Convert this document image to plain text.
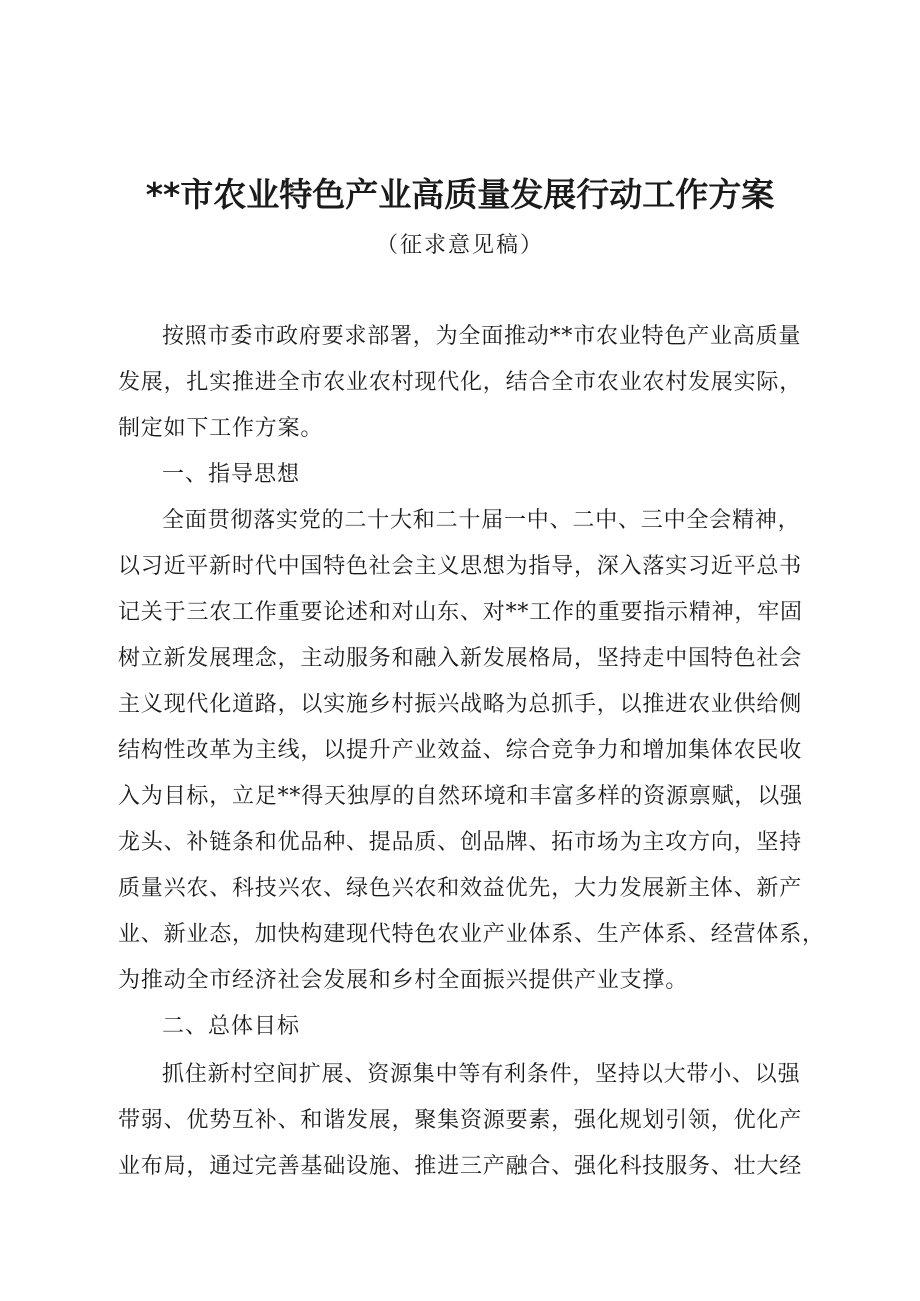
**市农业特色产业高质量发展行动工作方案
（征求意见稿）
按照市委市政府要求部署，为全面推动**市农业特色产业高质量
发展，扎实推进全市农业农村现代化，结合全市农业农村发展实际，
制定如下工作方案。
一、指导思想
全面贯彻落实党的二十大和二十届一中、二中、三中全会精神，
以习近平新时代中国特色社会主义思想为指导，深入落实习近平总书
记关于三农工作重要论述和对山东、对**工作的重要指示精神，牢固
树立新发展理念，主动服务和融入新发展格局，坚持走中国特色社会
主义现代化道路，以实施乡村振兴战略为总抓手，以推进农业供给侧
结构性改革为主线，以提升产业效益、综合竞争力和增加集体农民收
入为目标，立足**得天独厚的自然环境和丰富多样的资源禀赋，以强
龙头、补链条和优品种、提品质、创品牌、拓市场为主攻方向，坚持
质量兴农、科技兴农、绿色兴农和效益优先，大力发展新主体、新产
业、新业态，加快构建现代特色农业产业体系、生产体系、经营体系，
为推动全市经济社会发展和乡村全面振兴提供产业支撑。
二、总体目标
抓住新村空间扩展、资源集中等有利条件，坚持以大带小、以强
带弱、优势互补、和谐发展，聚集资源要素，强化规划引领，优化产
业布局，通过完善基础设施、推进三产融合、强化科技服务、壮大经
